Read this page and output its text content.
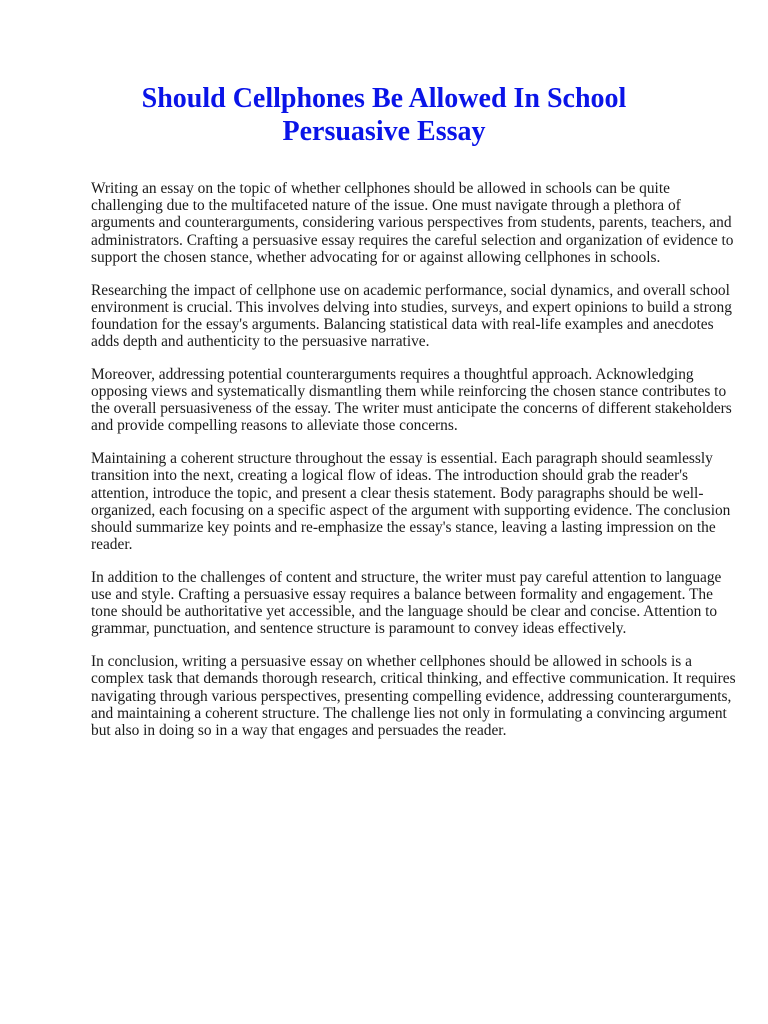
Should Cellphones Be Allowed In School
Persuasive Essay

Writing an essay on the topic of whether cellphones should be allowed in schools can be quite challenging due to the multifaceted nature of the issue. One must navigate through a plethora of arguments and counterarguments, considering various perspectives from students, parents, teachers, and administrators. Crafting a persuasive essay requires the careful selection and organization of evidence to support the chosen stance, whether advocating for or against allowing cellphones in schools.

Researching the impact of cellphone use on academic performance, social dynamics, and overall school environment is crucial. This involves delving into studies, surveys, and expert opinions to build a strong foundation for the essay's arguments. Balancing statistical data with real-life examples and anecdotes adds depth and authenticity to the persuasive narrative.

Moreover, addressing potential counterarguments requires a thoughtful approach. Acknowledging opposing views and systematically dismantling them while reinforcing the chosen stance contributes to the overall persuasiveness of the essay. The writer must anticipate the concerns of different stakeholders and provide compelling reasons to alleviate those concerns.

Maintaining a coherent structure throughout the essay is essential. Each paragraph should seamlessly transition into the next, creating a logical flow of ideas. The introduction should grab the reader's attention, introduce the topic, and present a clear thesis statement. Body paragraphs should be well-organized, each focusing on a specific aspect of the argument with supporting evidence. The conclusion should summarize key points and re-emphasize the essay's stance, leaving a lasting impression on the reader.

In addition to the challenges of content and structure, the writer must pay careful attention to language use and style. Crafting a persuasive essay requires a balance between formality and engagement. The tone should be authoritative yet accessible, and the language should be clear and concise. Attention to grammar, punctuation, and sentence structure is paramount to convey ideas effectively.

In conclusion, writing a persuasive essay on whether cellphones should be allowed in schools is a complex task that demands thorough research, critical thinking, and effective communication. It requires navigating through various perspectives, presenting compelling evidence, addressing counterarguments, and maintaining a coherent structure. The challenge lies not only in formulating a convincing argument but also in doing so in a way that engages and persuades the reader.
